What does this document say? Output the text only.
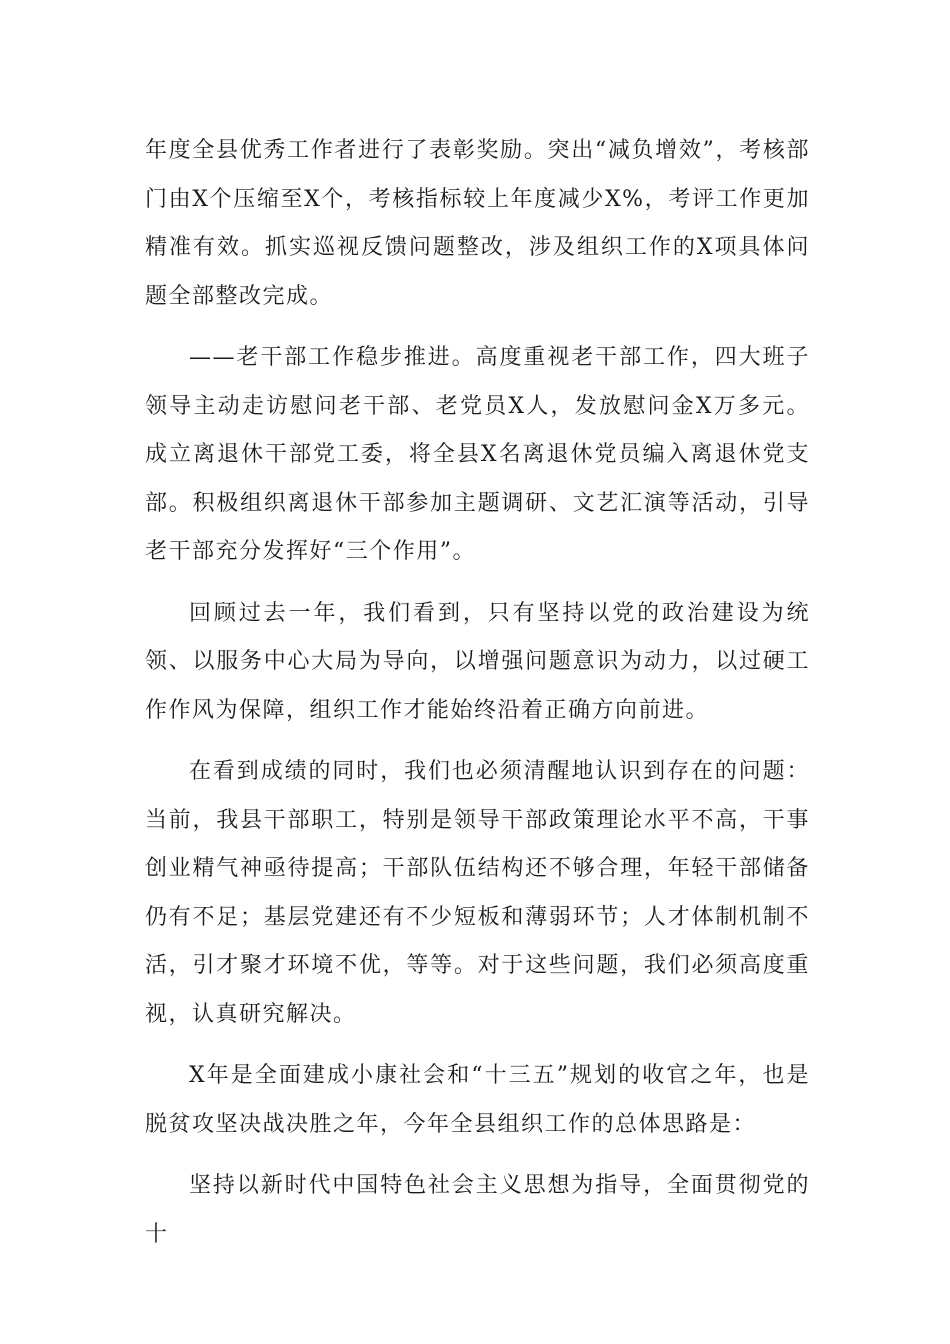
年度全县优秀工作者进行了表彰奖励。突出“减负增效”，考核部门由X个压缩至X个，考核指标较上年度减少X%，考评工作更加精准有效。抓实巡视反馈问题整改，涉及组织工作的X项具体问题全部整改完成。

——老干部工作稳步推进。高度重视老干部工作，四大班子领导主动走访慰问老干部、老党员X人，发放慰问金X万多元。成立离退休干部党工委，将全县X名离退休党员编入离退休党支部。积极组织离退休干部参加主题调研、文艺汇演等活动，引导老干部充分发挥好“三个作用”。

回顾过去一年，我们看到，只有坚持以党的政治建设为统领、以服务中心大局为导向，以增强问题意识为动力，以过硬工作作风为保障，组织工作才能始终沿着正确方向前进。

在看到成绩的同时，我们也必须清醒地认识到存在的问题：当前，我县干部职工，特别是领导干部政策理论水平不高，干事创业精气神亟待提高；干部队伍结构还不够合理，年轻干部储备仍有不足；基层党建还有不少短板和薄弱环节；人才体制机制不活，引才聚才环境不优，等等。对于这些问题，我们必须高度重视，认真研究解决。

X年是全面建成小康社会和“十三五”规划的收官之年，也是脱贫攻坚决战决胜之年，今年全县组织工作的总体思路是：

坚持以新时代中国特色社会主义思想为指导，全面贯彻党的十
